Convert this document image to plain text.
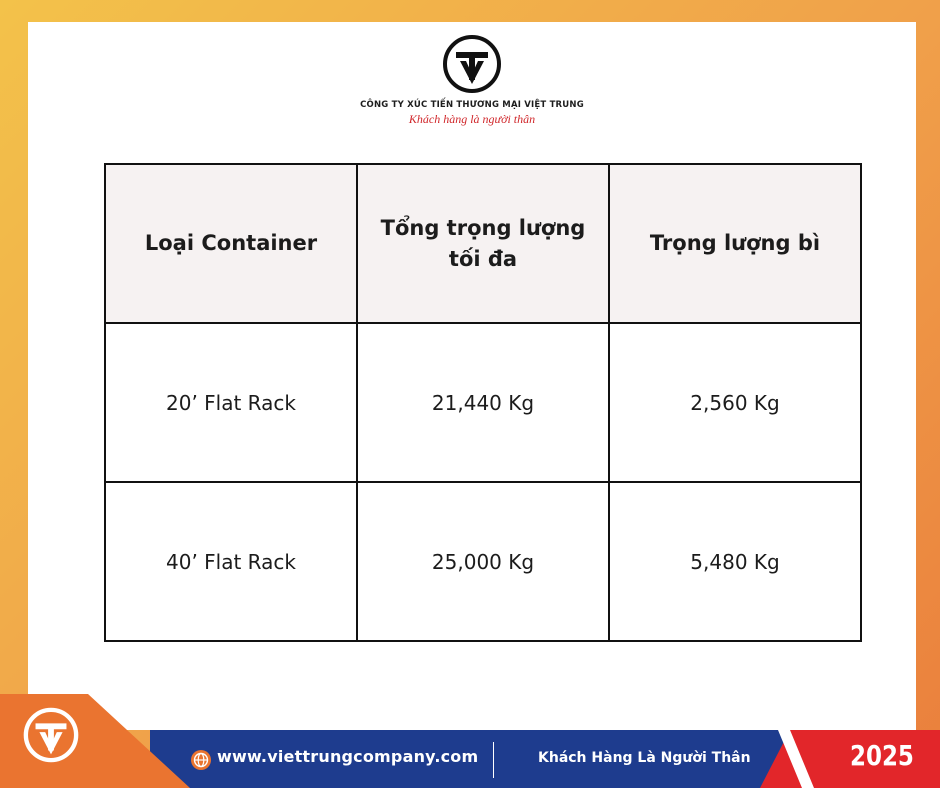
CÔNG TY XÚC TIẾN THƯƠNG MẠI VIỆT TRUNG
Khách hàng là người thân
Loại Container	Tổng trọng lượng tối đa	Trọng lượng bì
20’ Flat Rack	21,440 Kg	2,560 Kg
40’ Flat Rack	25,000 Kg	5,480 Kg
www.viettrungcompany.com	Khách Hàng Là Người Thân	2025
